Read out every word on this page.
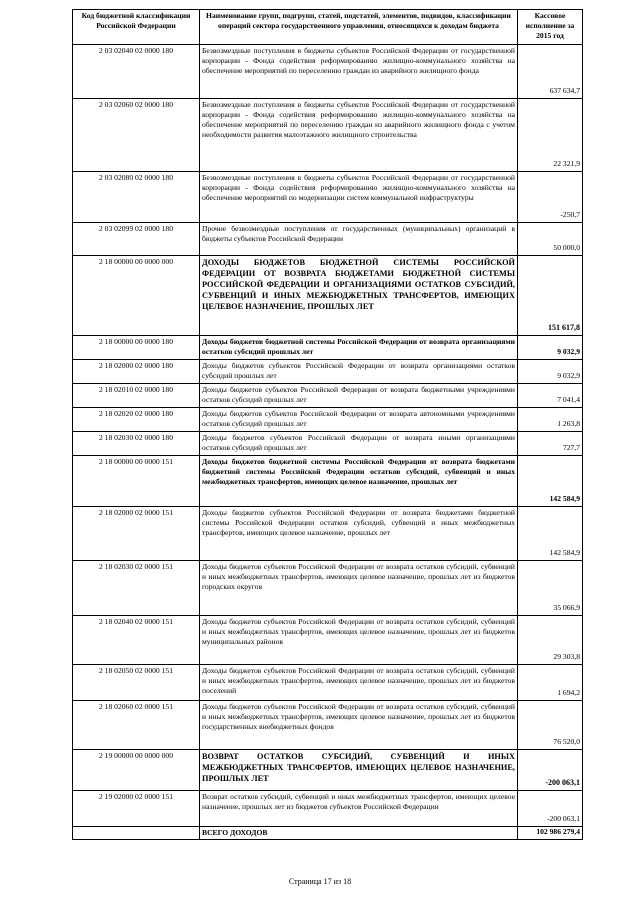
Код бюджетной классификации Российской Федерации	Наименование групп, подгрупп, статей, подстатей, элементов, подвидов, классификации операций сектора государственного управления, относящихся к доходам бюджета	Кассовое исполнение за 2015 год
2 03 02040 02 0000 180	Безвозмездные поступления в бюджеты субъектов Российской Федерации от государственной корпорации - Фонда содействия реформированию жилищно-коммунального хозяйства на обеспечение мероприятий по переселению граждан из аварийного жилищного фонда	637 634,7
2 03 02060 02 0000 180	Безвозмездные поступления в бюджеты субъектов Российской Федерации от государственной корпорации - Фонда содействия реформированию жилищно-коммунального хозяйства на обеспечение мероприятий по переселению граждан из аварийного жилищного фонда с учетом необходимости развития малоэтажного жилищного строительства	22 321,9
2 03 02080 02 0000 180	Безвозмездные поступления в бюджеты субъектов Российской Федерации от государственной корпорации - Фонда содействия реформированию жилищно-коммунального хозяйства на обеспечение мероприятий по модернизации систем коммунальной инфраструктуры	-250,7
2 03 02099 02 0000 180	Прочие безвозмездные поступления от государственных (муниципальных) организаций в бюджеты субъектов Российской Федерации	50 000,0
2 18 00000 00 0000 000	ДОХОДЫ БЮДЖЕТОВ БЮДЖЕТНОЙ СИСТЕМЫ РОССИЙСКОЙ ФЕДЕРАЦИИ ОТ ВОЗВРАТА БЮДЖЕТАМИ БЮДЖЕТНОЙ СИСТЕМЫ РОССИЙСКОЙ ФЕДЕРАЦИИ И ОРГАНИЗАЦИЯМИ ОСТАТКОВ СУБСИДИЙ, СУБВЕНЦИЙ И ИНЫХ МЕЖБЮДЖЕТНЫХ ТРАНСФЕРТОВ, ИМЕЮЩИХ ЦЕЛЕВОЕ НАЗНАЧЕНИЕ, ПРОШЛЫХ ЛЕТ	151 617,8
2 18 00000 00 0000 180	Доходы бюджетов бюджетной системы Российской Федерации от возврата организациями остатков субсидий прошлых лет	9 032,9
2 18 02000 02 0000 180	Доходы бюджетов субъектов Российской Федерации от возврата организациями остатков субсидий прошлых лет	9 032,9
2 18 02010 02 0000 180	Доходы бюджетов субъектов Российской Федерации от возврата бюджетными учреждениями остатков субсидий прошлых лет	7 041,4
2 18 02020 02 0000 180	Доходы бюджетов субъектов Российской Федерации от возврата автономными учреждениями остатков субсидий прошлых лет	1 263,8
2 18 02030 02 0000 180	Доходы бюджетов субъектов Российской Федерации от возврата иными организациями остатков субсидий прошлых лет	727,7
2 18 00000 00 0000 151	Доходы бюджетов бюджетной системы Российской Федерации от возврата бюджетами бюджетной системы Российской Федерации остатков субсидий, субвенций и иных межбюджетных трансфертов, имеющих целевое назначение, прошлых лет	142 584,9
2 18 02000 02 0000 151	Доходы бюджетов субъектов Российской Федерации от возврата бюджетами бюджетной системы Российской Федерации остатков субсидий, субвенций и иных межбюджетных трансфертов, имеющих целевое назначение, прошлых лет	142 584,9
2 18 02030 02 0000 151	Доходы бюджетов субъектов Российской Федерации от возврата остатков субсидий, субвенций и иных межбюджетных трансфертов, имеющих целевое назначение, прошлых лет из бюджетов городских округов	35 066,9
2 18 02040 02 0000 151	Доходы бюджетов субъектов Российской Федерации от возврата остатков субсидий, субвенций и иных межбюджетных трансфертов, имеющих целевое назначение, прошлых лет из бюджетов муниципальных районов	29 303,8
2 18 02050 02 0000 151	Доходы бюджетов субъектов Российской Федерации от возврата остатков субсидий, субвенций и иных межбюджетных трансфертов, имеющих целевое назначение, прошлых лет из бюджетов поселений	1 694,2
2 18 02060 02 0000 151	Доходы бюджетов субъектов Российской Федерации от возврата остатков субсидий, субвенций и иных межбюджетных трансфертов, имеющих целевое назначение, прошлых лет из бюджетов государственных внебюджетных фондов	76 520,0
2 19 00000 00 0000 000	ВОЗВРАТ ОСТАТКОВ СУБСИДИЙ, СУБВЕНЦИЙ И ИНЫХ МЕЖБЮДЖЕТНЫХ ТРАНСФЕРТОВ, ИМЕЮЩИХ ЦЕЛЕВОЕ НАЗНАЧЕНИЕ, ПРОШЛЫХ ЛЕТ	-200 063,1
2 19 02000 02 0000 151	Возврат остатков субсидий, субвенций и иных межбюджетных трансфертов, имеющих целевое назначение, прошлых лет из бюджетов субъектов Российской Федерации	-200 063,1
	ВСЕГО ДОХОДОВ	102 986 279,4
Страница 17 из 18
